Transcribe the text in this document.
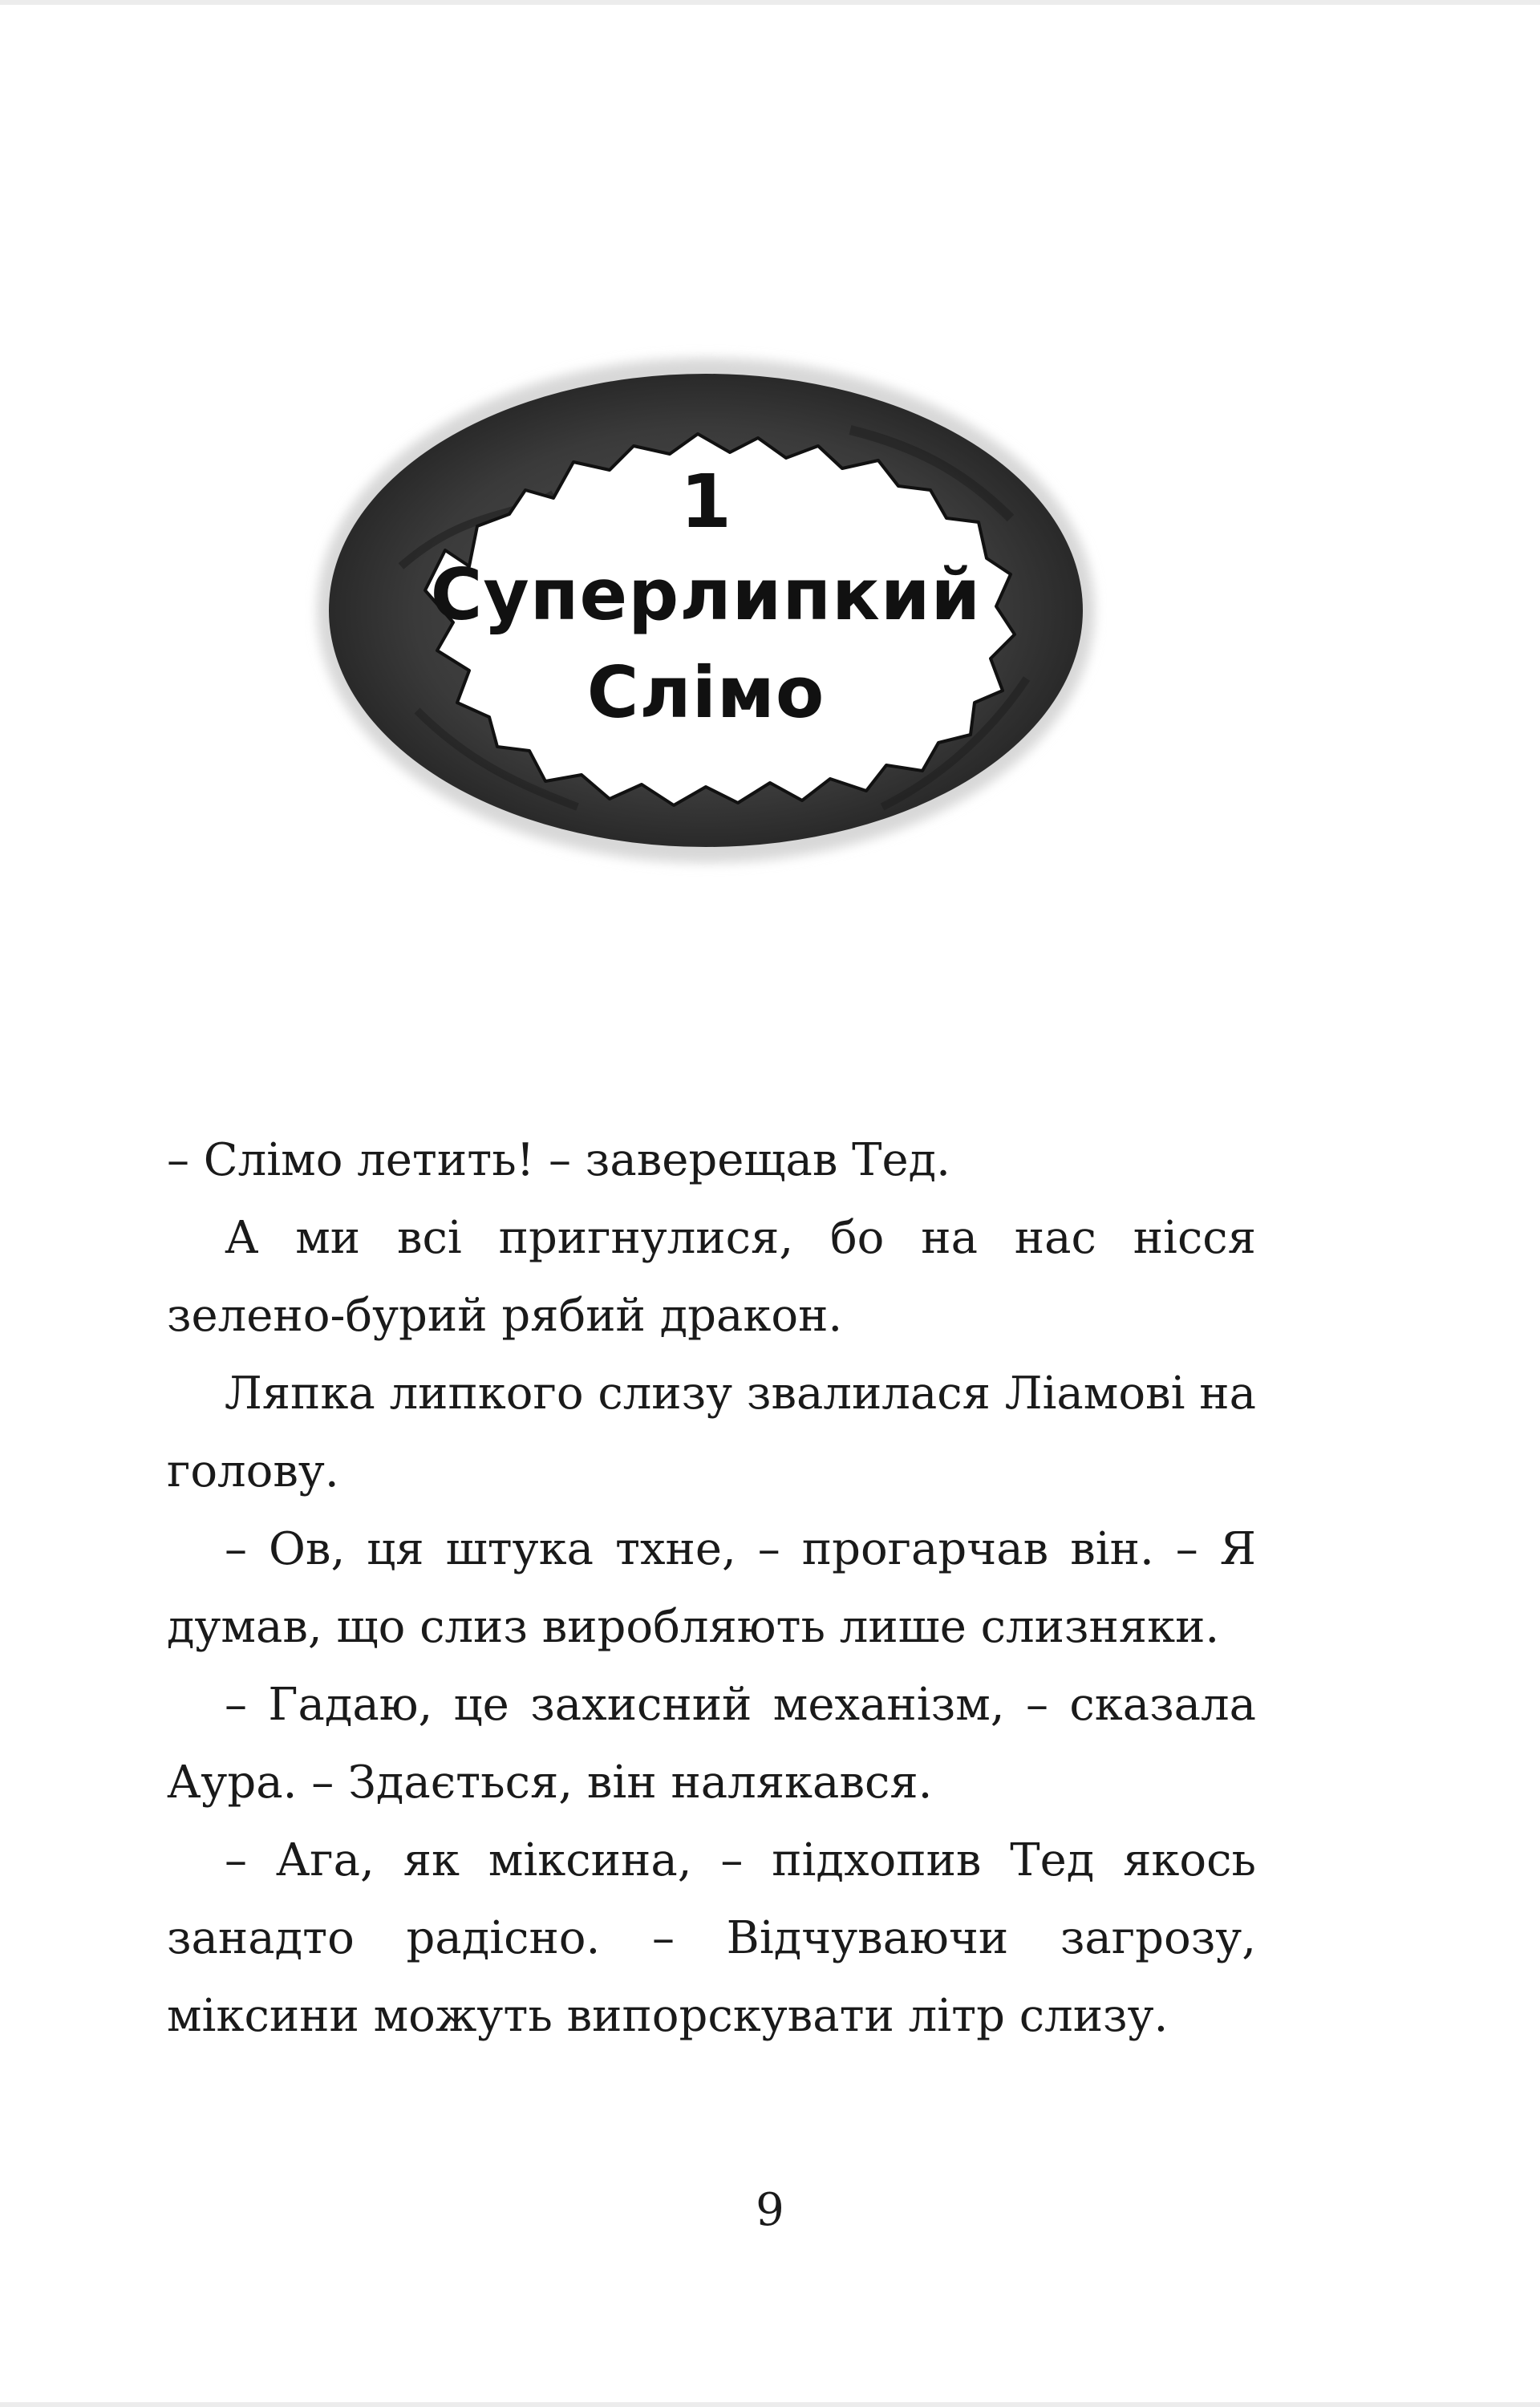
1
Суперлипкий
Слімо

– Слімо летить! – заверещав Тед.

А ми всі пригнулися, бо на нас нісся зелено-бурий рябий дракон.

Ляпка липкого слизу звалилася Ліамові на голову.

– Ов, ця штука тхне, – прогарчав він. – Я думав, що слиз виробляють лише слизняки.

– Гадаю, це захисний механізм, – сказала Аура. – Здається, він налякався.

– Ага, як міксина, – підхопив Тед якось занадто радісно. – Відчуваючи загрозу, міксини можуть випорскувати літр слизу.

9
